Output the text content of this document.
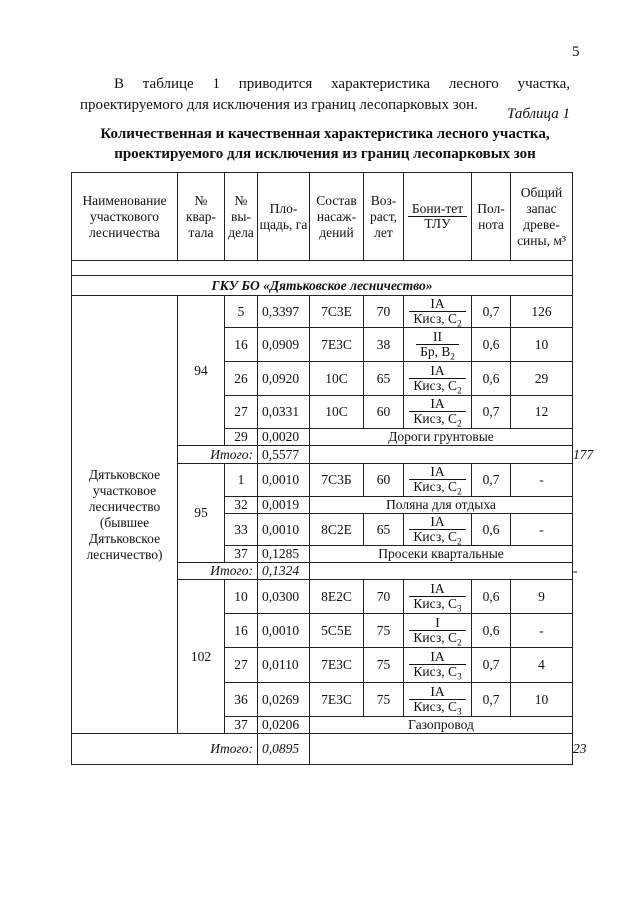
5
В таблице 1 приводится характеристика лесного участка,
проектируемого для исключения из границ лесопарковых зон.
Таблица 1
Количественная и качественная характеристика лесного участка,
проектируемого для исключения из границ лесопарковых зон
Наименование участкового лесничества	№ квар-тала	№ вы-дела	Пло-щадь, га	Состав насаж-дений	Воз-раст, лет	$\frac{\text{Бони-тет}}{\text{ТЛУ}}$	Пол-нота	Общий запас древе-сины, м³	

ГКУ БО «Дятьковское лесничество»									
Дятьковское участковое лесничество (бывшее Дятьковское лесничество)	94	5	0,3397	7С3Е	70	$\frac{IA}{Кисз, С_2}$	0,7	126	
		16	0,0909	7Е3С	38	$\frac{II}{Бр, В_2}$	0,6	10	
		26	0,0920	10С	65	$\frac{IA}{Кисз, С_2}$	0,6	29	
		27	0,0331	10С	60	$\frac{IA}{Кисз, С_2}$	0,7	12	
		29	0,0020	Дороги грунтовые					
	Итого:		0,5577						177
	95	1	0,0010	7С3Б	60	$\frac{IA}{Кисз, С_2}$	0,7	-	
		32	0,0019	Поляна для отдыха					
		33	0,0010	8С2Е	65	$\frac{IA}{Кисз, С_2}$	0,6	-	
		37	0,1285	Просеки квартальные					
	Итого:		0,1324						-
	102	10	0,0300	8Е2С	70	$\frac{IA}{Кисз, С_3}$	0,6	9	
		16	0,0010	5С5Е	75	$\frac{I}{Кисз, С_2}$	0,6	-	
		27	0,0110	7Е3С	75	$\frac{IA}{Кисз, С_3}$	0,7	4	
		36	0,0269	7Е3С	75	$\frac{IA}{Кисз, С_3}$	0,7	10	
		37	0,0206	Газопровод					
Итого:			0,0895						23
